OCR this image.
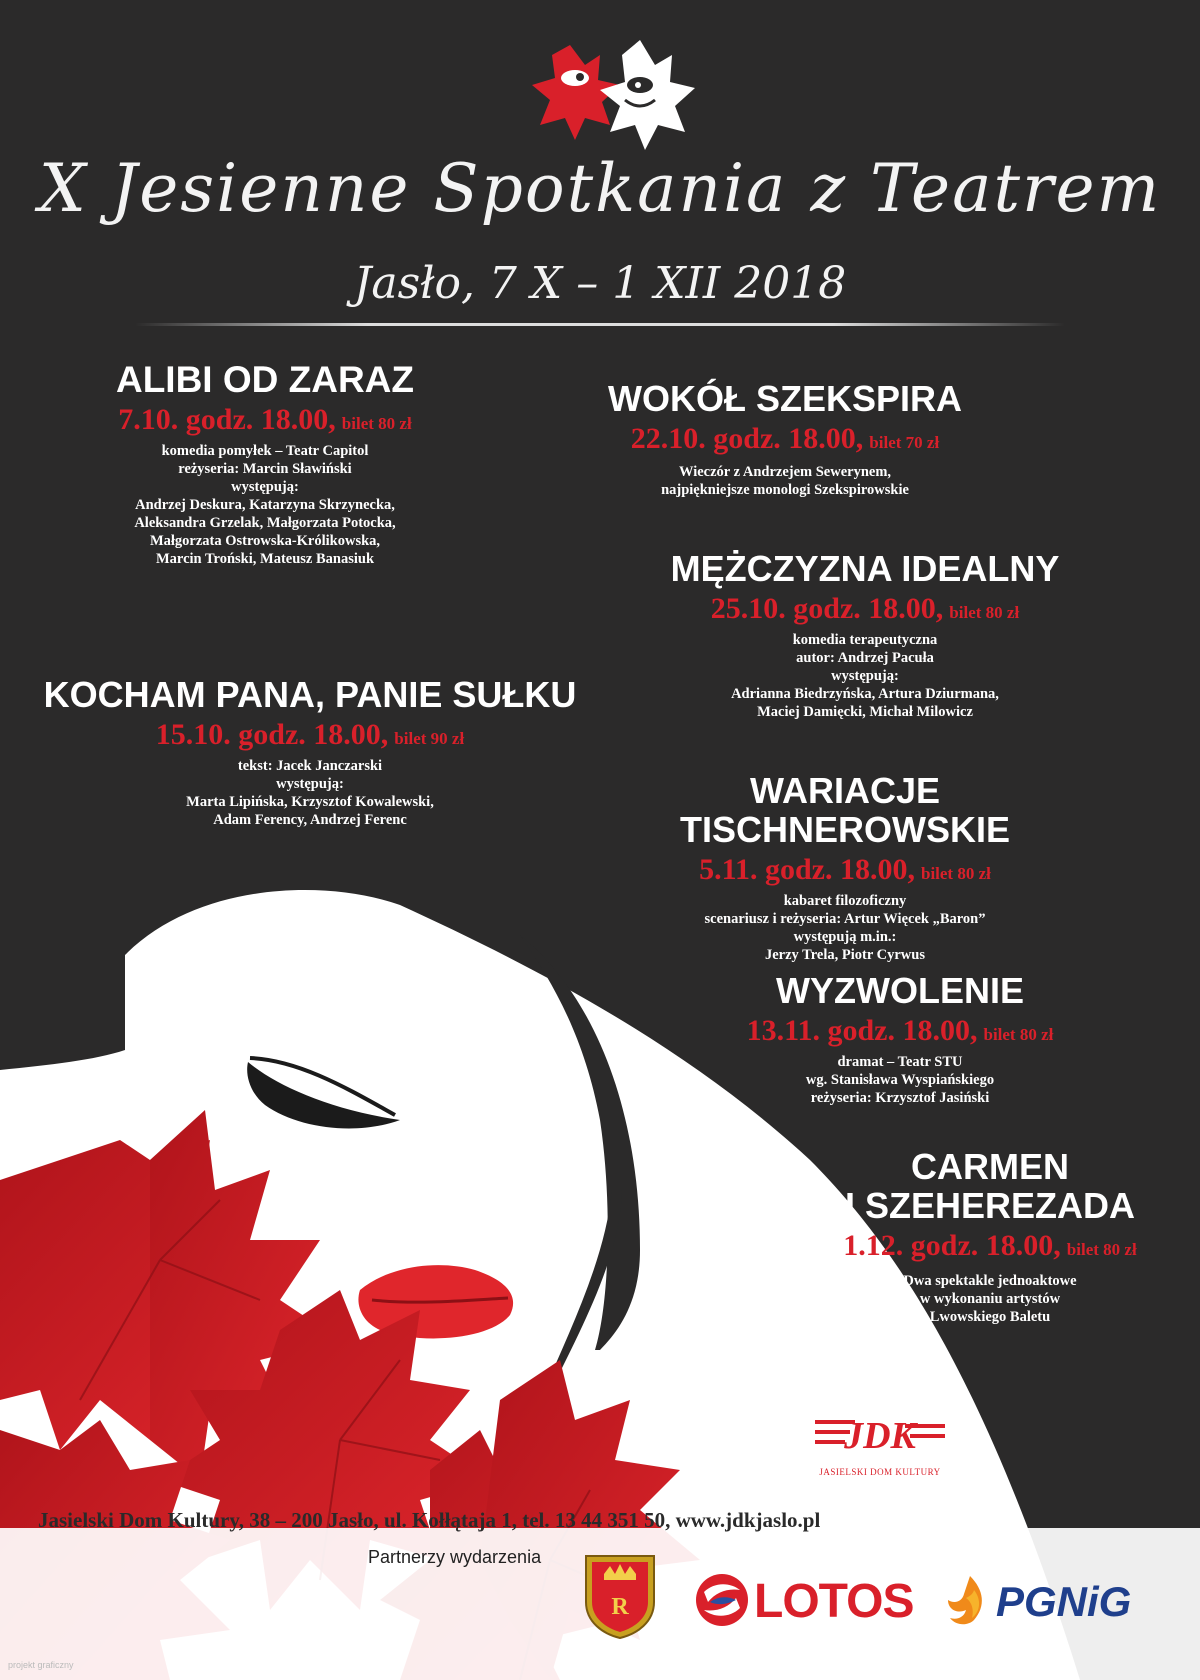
X Jesienne Spotkania z Teatrem
Jasło, 7 X – 1 XII 2018
ALIBI OD ZARAZ
7.10. godz. 18.00, bilet 80 zł
komedia pomyłek – Teatr Capitol
reżyseria: Marcin Sławiński
występują:
Andrzej Deskura, Katarzyna Skrzynecka,
Aleksandra Grzelak, Małgorzata Potocka,
Małgorzata Ostrowska-Królikowska,
Marcin Troński, Mateusz Banasiuk
WOKÓŁ SZEKSPIRA
22.10. godz. 18.00, bilet 70 zł
Wieczór z Andrzejem Sewerynem,
najpiękniejsze monologi Szekspirowskie
MĘŻCZYZNA IDEALNY
25.10. godz. 18.00, bilet 80 zł
komedia terapeutyczna
autor: Andrzej Pacuła
występują:
Adrianna Biedrzyńska, Artura Dziurmana,
Maciej Damięcki, Michał Milowicz
KOCHAM PANA, PANIE SUŁKU
15.10. godz. 18.00, bilet 90 zł
tekst: Jacek Janczarski
występują:
Marta Lipińska, Krzysztof Kowalewski,
Adam Ferency, Andrzej Ferenc
WARIACJE TISCHNEROWSKIE
5.11. godz. 18.00, bilet 80 zł
kabaret filozoficzny
scenariusz i reżyseria: Artur Więcek „Baron”
występują m.in.:
Jerzy Trela, Piotr Cyrwus
WYZWOLENIE
13.11. godz. 18.00, bilet 80 zł
dramat – Teatr STU
wg. Stanisława Wyspiańskiego
reżyseria: Krzysztof Jasiński
CARMEN
I SZEHEREZADA
1.12. godz. 18.00, bilet 80 zł
Dwa spektakle jednoaktowe
w wykonaniu artystów
Lwowskiego Baletu
JDK
JASIELSKI DOM KULTURY
Jasielski Dom Kultury, 38 – 200 Jasło, ul. Kołłątaja 1, tel. 13 44 351 50, www.jdkjaslo.pl
Partnerzy wydarzenia
R	LOTOS PGNiG
projekt graficzny
